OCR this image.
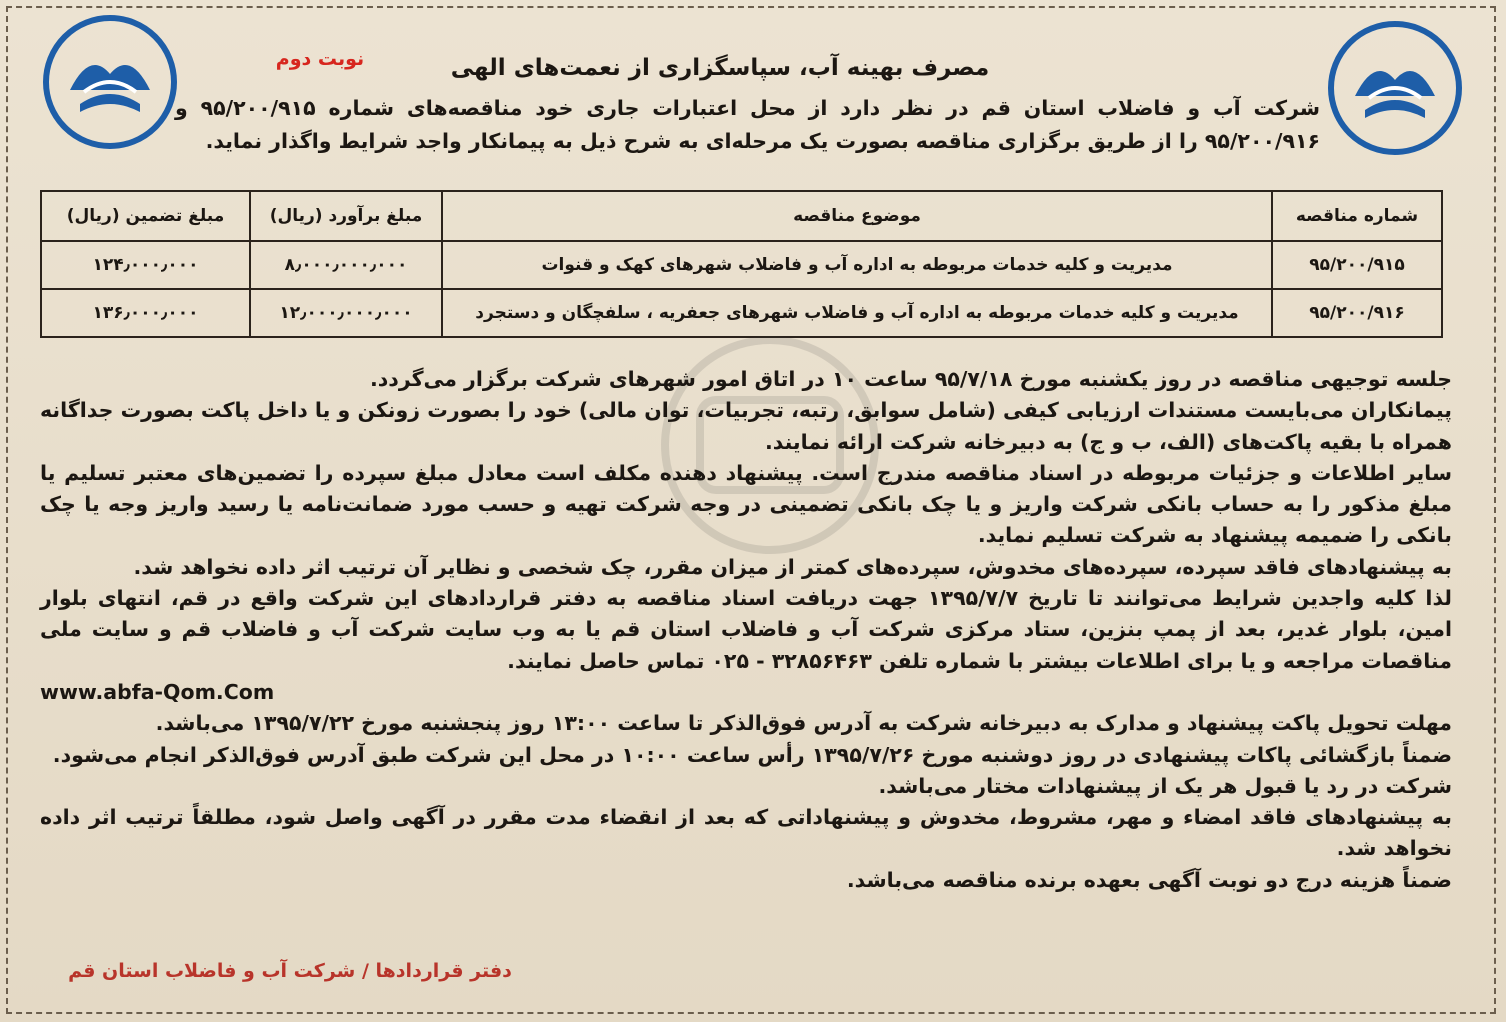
نوبت دوم	مصرف بهینه آب، سپاسگزاری از نعمت‌های الهی
شرکت آب و فاضلاب استان قم در نظر دارد از محل اعتبارات جاری خود مناقصه‌های شماره ۹۵/۲۰۰/۹۱۵ و ۹۵/۲۰۰/۹۱۶ را از طریق برگزاری مناقصه بصورت یک مرحله‌ای به شرح ذیل به پیمانکار واجد شرایط واگذار نماید.
شماره مناقصه	موضوع مناقصه	مبلغ برآورد (ریال)	مبلغ تضمین (ریال)
۹۵/۲۰۰/۹۱۵	مدیریت و کلیه خدمات مربوطه به اداره آب و فاضلاب شهرهای کهک و قنوات	۸٫۰۰۰٫۰۰۰٫۰۰۰	۱۲۴٫۰۰۰٫۰۰۰
۹۵/۲۰۰/۹۱۶	مدیریت و کلیه خدمات مربوطه به اداره آب و فاضلاب شهرهای جعفریه ، سلفچگان و دستجرد	۱۲٫۰۰۰٫۰۰۰٫۰۰۰	۱۳۶٫۰۰۰٫۰۰۰

جلسه توجیهی مناقصه در روز یکشنبه مورخ ۹۵/۷/۱۸ ساعت ۱۰ در اتاق امور شهرهای شرکت برگزار می‌گردد.

پیمانکاران می‌بایست مستندات ارزیابی کیفی (شامل سوابق، رتبه، تجربیات، توان مالی) خود را بصورت زونکن و یا داخل پاکت بصورت جداگانه همراه با بقیه پاکت‌های (الف، ب و ج) به دبیرخانه شرکت ارائه نمایند.

سایر اطلاعات و جزئیات مربوطه در اسناد مناقصه مندرج است. پیشنهاد دهنده مکلف است معادل مبلغ سپرده را تضمین‌های معتبر تسلیم یا مبلغ مذکور را به حساب بانکی شرکت واریز و یا چک بانکی تضمینی در وجه شرکت تهیه و حسب مورد ضمانت‌نامه یا رسید واریز وجه یا چک بانکی را ضمیمه پیشنهاد به شرکت تسلیم نماید.

به پیشنهادهای فاقد سپرده، سپرده‌های مخدوش، سپرده‌های کمتر از میزان مقرر، چک شخصی و نظایر آن ترتیب اثر داده نخواهد شد.

لذا کلیه واجدین شرایط می‌توانند تا تاریخ ۱۳۹۵/۷/۷ جهت دریافت اسناد مناقصه به دفتر قراردادهای این شرکت واقع در قم، انتهای بلوار امین، بلوار غدیر، بعد از پمپ بنزین، ستاد مرکزی شرکت آب و فاضلاب استان قم یا به وب سایت شرکت آب و فاضلاب قم و سایت ملی مناقصات مراجعه و یا برای اطلاعات بیشتر با شماره تلفن ۳۲۸۵۶۴۶۳ - ۰۲۵ تماس حاصل نمایند.

www.abfa-Qom.Com

مهلت تحویل پاکت پیشنهاد و مدارک به دبیرخانه شرکت به آدرس فوق‌الذکر تا ساعت ۱۳:۰۰ روز پنجشنبه مورخ ۱۳۹۵/۷/۲۲ می‌باشد.

ضمناً بازگشائی پاکات پیشنهادی در روز دوشنبه مورخ ۱۳۹۵/۷/۲۶ رأس ساعت ۱۰:۰۰ در محل این شرکت طبق آدرس فوق‌الذکر انجام می‌شود.

شرکت در رد یا قبول هر یک از پیشنهادات مختار می‌باشد.

به پیشنهادهای فاقد امضاء و مهر، مشروط، مخدوش و پیشنهاداتی که بعد از انقضاء مدت مقرر در آگهی واصل شود، مطلقاً ترتیب اثر داده نخواهد شد.

ضمناً هزینه درج دو نوبت آگهی بعهده برنده مناقصه می‌باشد.

دفتر قراردادها / شرکت آب و فاضلاب استان قم
